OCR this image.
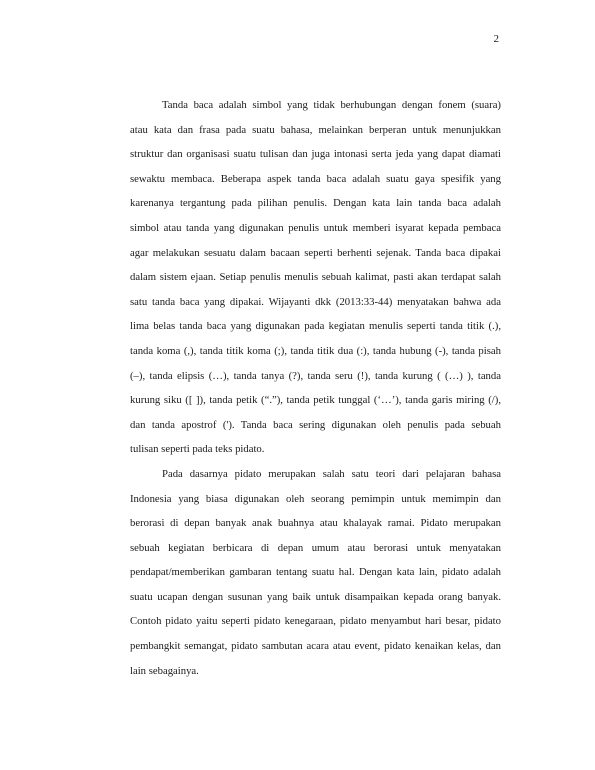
2
Tanda baca adalah simbol yang tidak berhubungan dengan fonem (suara)
atau kata dan frasa pada suatu bahasa, melainkan berperan untuk menunjukkan
struktur dan organisasi suatu tulisan dan juga intonasi serta jeda yang dapat diamati
sewaktu membaca. Beberapa aspek tanda baca adalah suatu gaya spesifik yang
karenanya tergantung pada pilihan penulis. Dengan kata lain tanda baca adalah
simbol atau tanda yang digunakan penulis untuk memberi isyarat kepada pembaca
agar melakukan sesuatu dalam bacaan seperti berhenti sejenak. Tanda baca dipakai
dalam sistem ejaan. Setiap penulis menulis sebuah kalimat, pasti akan terdapat salah
satu tanda baca yang dipakai. Wijayanti dkk (2013:33-44) menyatakan bahwa ada
lima belas tanda baca yang digunakan pada kegiatan menulis seperti tanda titik (.),
tanda koma (,), tanda titik koma (;), tanda titik dua (:), tanda hubung (-), tanda pisah
(–), tanda elipsis (…), tanda tanya (?), tanda seru (!), tanda kurung ( (…) ), tanda
kurung siku ([ ]), tanda petik (“.”), tanda petik tunggal (‘…’), tanda garis miring (/),
dan tanda apostrof ('). Tanda baca sering digunakan oleh penulis pada sebuah
tulisan seperti pada teks pidato.
Pada dasarnya pidato merupakan salah satu teori dari pelajaran bahasa
Indonesia yang biasa digunakan oleh seorang pemimpin untuk memimpin dan
berorasi di depan banyak anak buahnya atau khalayak ramai. Pidato merupakan
sebuah kegiatan berbicara di depan umum atau berorasi untuk menyatakan
pendapat/memberikan gambaran tentang suatu hal. Dengan kata lain, pidato adalah
suatu ucapan dengan susunan yang baik untuk disampaikan kepada orang banyak.
Contoh pidato yaitu seperti pidato kenegaraan, pidato menyambut hari besar, pidato
pembangkit semangat, pidato sambutan acara atau event, pidato kenaikan kelas, dan
lain sebagainya.
